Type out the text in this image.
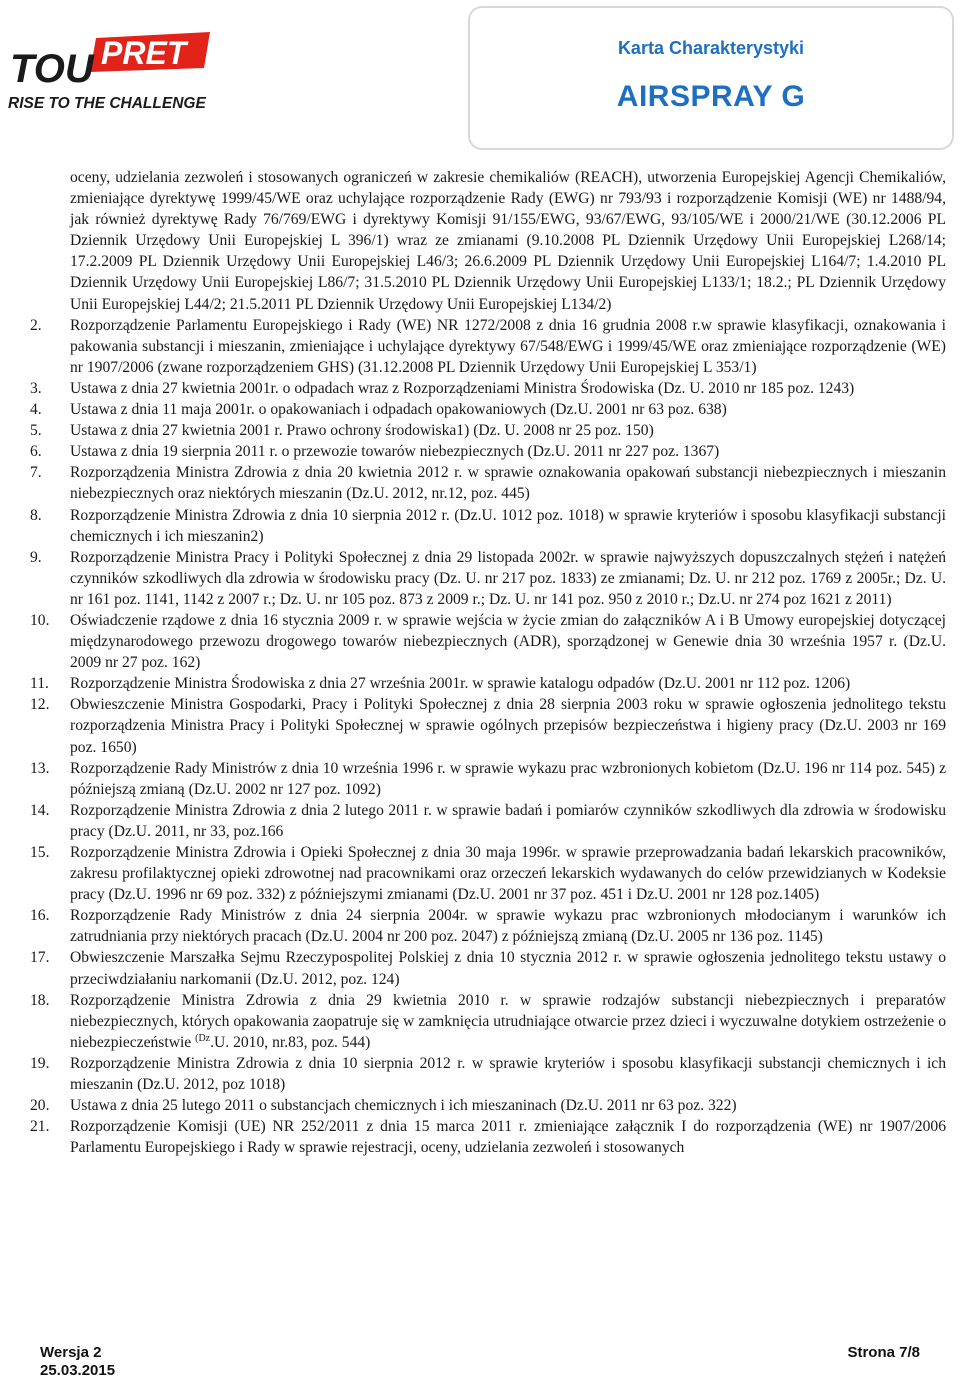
TOU PRET
RISE TO THE CHALLENGE
Karta Charakterystyki
AIRSPRAY G
oceny, udzielania zezwoleń i stosowanych ograniczeń w zakresie chemikaliów (REACH), utworzenia Europejskiej Agencji Chemikaliów, zmieniające dyrektywę 1999/45/WE oraz uchylające rozporządzenie Rady (EWG) nr 793/93 i rozporządzenie Komisji (WE) nr 1488/94, jak również dyrektywę Rady 76/769/EWG i dyrektywy Komisji 91/155/EWG, 93/67/EWG, 93/105/WE i 2000/21/WE (30.12.2006 PL Dziennik Urzędowy Unii Europejskiej L 396/1) wraz ze zmianami (9.10.2008 PL Dziennik Urzędowy Unii Europejskiej L268/14; 17.2.2009 PL Dziennik Urzędowy Unii Europejskiej L46/3; 26.6.2009 PL Dziennik Urzędowy Unii Europejskiej L164/7; 1.4.2010 PL Dziennik Urzędowy Unii Europejskiej L86/7; 31.5.2010 PL Dziennik Urzędowy Unii Europejskiej L133/1; 18.2.; PL Dziennik Urzędowy Unii Europejskiej L44/2; 21.5.2011 PL Dziennik Urzędowy Unii Europejskiej L134/2)
2.	Rozporządzenie Parlamentu Europejskiego i Rady (WE) NR 1272/2008 z dnia 16 grudnia 2008 r.w sprawie klasyfikacji, oznakowania i pakowania substancji i mieszanin, zmieniające i uchylające dyrektywy 67/548/EWG i 1999/45/WE oraz zmieniające rozporządzenie (WE) nr 1907/2006 (zwane rozporządzeniem GHS) (31.12.2008 PL Dziennik Urzędowy Unii Europejskiej L 353/1)
3.	Ustawa z dnia 27 kwietnia 2001r. o odpadach wraz z Rozporządzeniami Ministra Środowiska (Dz. U. 2010 nr 185 poz. 1243)
4.	Ustawa z dnia 11 maja 2001r. o opakowaniach i odpadach opakowaniowych (Dz.U. 2001 nr 63 poz. 638)
5.	Ustawa z dnia 27 kwietnia 2001 r. Prawo ochrony środowiska1) (Dz. U. 2008 nr 25 poz. 150)
6.	Ustawa z dnia 19 sierpnia 2011 r. o przewozie towarów niebezpiecznych (Dz.U. 2011 nr 227 poz. 1367)
7.	Rozporządzenia Ministra Zdrowia z dnia 20 kwietnia 2012 r. w sprawie oznakowania opakowań substancji niebezpiecznych i mieszanin niebezpiecznych oraz niektórych mieszanin (Dz.U. 2012, nr.12, poz. 445)
8.	Rozporządzenie Ministra Zdrowia z dnia 10 sierpnia 2012 r. (Dz.U. 1012 poz. 1018) w sprawie kryteriów i sposobu klasyfikacji substancji chemicznych i ich mieszanin2)
9.	Rozporządzenie Ministra Pracy i Polityki Społecznej z dnia 29 listopada 2002r. w sprawie najwyższych dopuszczalnych stężeń i natężeń czynników szkodliwych dla zdrowia w środowisku pracy (Dz. U. nr 217 poz. 1833) ze zmianami; Dz. U. nr 212 poz. 1769 z 2005r.; Dz. U. nr 161 poz. 1141, 1142 z 2007 r.; Dz. U. nr 105 poz. 873 z 2009 r.; Dz. U. nr 141 poz. 950 z 2010 r.; Dz.U. nr 274 poz 1621 z 2011)
10.	Oświadczenie rządowe z dnia 16 stycznia 2009 r. w sprawie wejścia w życie zmian do załączników A i B Umowy europejskiej dotyczącej międzynarodowego przewozu drogowego towarów niebezpiecznych (ADR), sporządzonej w Genewie dnia 30 września 1957 r. (Dz.U. 2009 nr 27 poz. 162)
11.	Rozporządzenie Ministra Środowiska z dnia 27 września 2001r. w sprawie katalogu odpadów (Dz.U. 2001 nr 112 poz. 1206)
12.	Obwieszczenie Ministra Gospodarki, Pracy i Polityki Społecznej z dnia 28 sierpnia 2003 roku w sprawie ogłoszenia jednolitego tekstu rozporządzenia Ministra Pracy i Polityki Społecznej w sprawie ogólnych przepisów bezpieczeństwa i higieny pracy (Dz.U. 2003 nr 169 poz. 1650)
13.	Rozporządzenie Rady Ministrów z dnia 10 września 1996 r. w sprawie wykazu prac wzbronionych kobietom (Dz.U. 196 nr 114 poz. 545) z późniejszą zmianą (Dz.U. 2002 nr 127 poz. 1092)
14.	Rozporządzenie Ministra Zdrowia z dnia 2 lutego 2011 r. w sprawie badań i pomiarów czynników szkodliwych dla zdrowia w środowisku pracy (Dz.U. 2011, nr 33, poz.166
15.	Rozporządzenie Ministra Zdrowia i Opieki Społecznej z dnia 30 maja 1996r. w sprawie przeprowadzania badań lekarskich pracowników, zakresu profilaktycznej opieki zdrowotnej nad pracownikami oraz orzeczeń lekarskich wydawanych do celów przewidzianych w Kodeksie pracy (Dz.U. 1996 nr 69 poz. 332) z późniejszymi zmianami (Dz.U. 2001 nr 37 poz. 451 i Dz.U. 2001 nr 128 poz.1405)
16.	Rozporządzenie Rady Ministrów z dnia 24 sierpnia 2004r. w sprawie wykazu prac wzbronionych młodocianym i warunków ich zatrudniania przy niektórych pracach (Dz.U. 2004 nr 200 poz. 2047) z późniejszą zmianą (Dz.U. 2005 nr 136 poz. 1145)
17.	Obwieszczenie Marszałka Sejmu Rzeczypospolitej Polskiej z dnia 10 stycznia 2012 r. w sprawie ogłoszenia jednolitego tekstu ustawy o przeciwdziałaniu narkomanii (Dz.U. 2012, poz. 124)
18.	Rozporządzenie Ministra Zdrowia z dnia 29 kwietnia 2010 r. w sprawie rodzajów substancji niebezpiecznych i preparatów niebezpiecznych, których opakowania zaopatruje się w zamknięcia utrudniające otwarcie przez dzieci i wyczuwalne dotykiem ostrzeżenie o niebezpieczeństwie $^{(Dz}$.U. 2010, nr.83, poz. 544)
19.	Rozporządzenie Ministra Zdrowia z dnia 10 sierpnia 2012 r. w sprawie kryteriów i sposobu klasyfikacji substancji chemicznych i ich mieszanin (Dz.U. 2012, poz 1018)
20.	Ustawa z dnia 25 lutego 2011 o substancjach chemicznych i ich mieszaninach (Dz.U. 2011 nr 63 poz. 322)
21.	Rozporządzenie Komisji (UE) NR 252/2011 z dnia 15 marca 2011 r. zmieniające załącznik I do rozporządzenia (WE) nr 1907/2006 Parlamentu Europejskiego i Rady w sprawie rejestracji, oceny, udzielania zezwoleń i stosowanych
Wersja 2
25.03.2015
Strona 7/8
